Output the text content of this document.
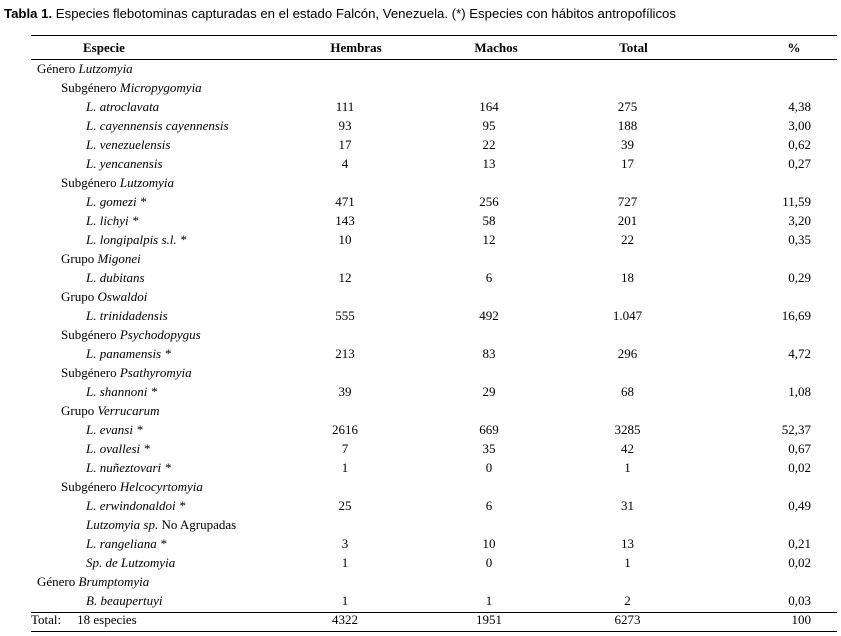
Tabla 1. Especies flebotominas capturadas en el estado Falcón, Venezuela. (*) Especies con hábitos antropofílicos
Especie	Hembras	Machos	Total	%
Género Lutzomyia				
Subgénero Micropygomyia				
L. atroclavata	111	164	275	4,38
L. cayennensis cayennensis	93	95	188	3,00
L. venezuelensis	17	22	39	0,62
L. yencanensis	4	13	17	0,27
Subgénero Lutzomyia				
L. gomezi *	471	256	727	11,59
L. lichyi *	143	58	201	3,20
L. longipalpis s.l. *	10	12	22	0,35
Grupo Migonei				
L. dubitans	12	6	18	0,29
Grupo Oswaldoi				
L. trinidadensis	555	492	1.047	16,69
Subgénero Psychodopygus				
L. panamensis *	213	83	296	4,72
Subgénero Psathyromyia				
L. shannoni *	39	29	68	1,08
Grupo Verrucarum				
L. evansi *	2616	669	3285	52,37
L. ovallesi *	7	35	42	0,67
L. nuñeztovari *	1	0	1	0,02
Subgénero Helcocyrtomyia				
L. erwindonaldoi *	25	6	31	0,49
Lutzomyia sp. No Agrupadas				
L. rangeliana *	3	10	13	0,21
Sp. de Lutzomyia	1	0	1	0,02
Género Brumptomyia				
B. beaupertuyi	1	1	2	0,03
Total: 18 especies	4322	1951	6273	100
